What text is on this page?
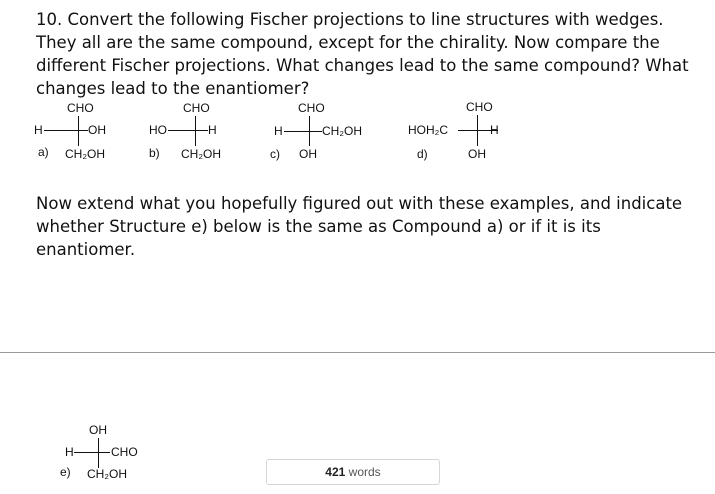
10. Convert the following Fischer projections to line structures with wedges. They all are the same compound, except for the chirality. Now compare the different Fischer projections. What changes lead to the same compound? What changes lead to the enantiomer?
CHO
H	OH
a) CH₂OH
CHO
HO	H
b) CH₂OH
CHO
H	CH₂OH
c) OH
CHO
HOH₂C	H
d)	OH
Now extend what you hopefully figured out with these examples, and indicate whether Structure e) below is the same as Compound a) or if it is its enantiomer.
OH
H	CHO
e) CH₂OH	421 words
